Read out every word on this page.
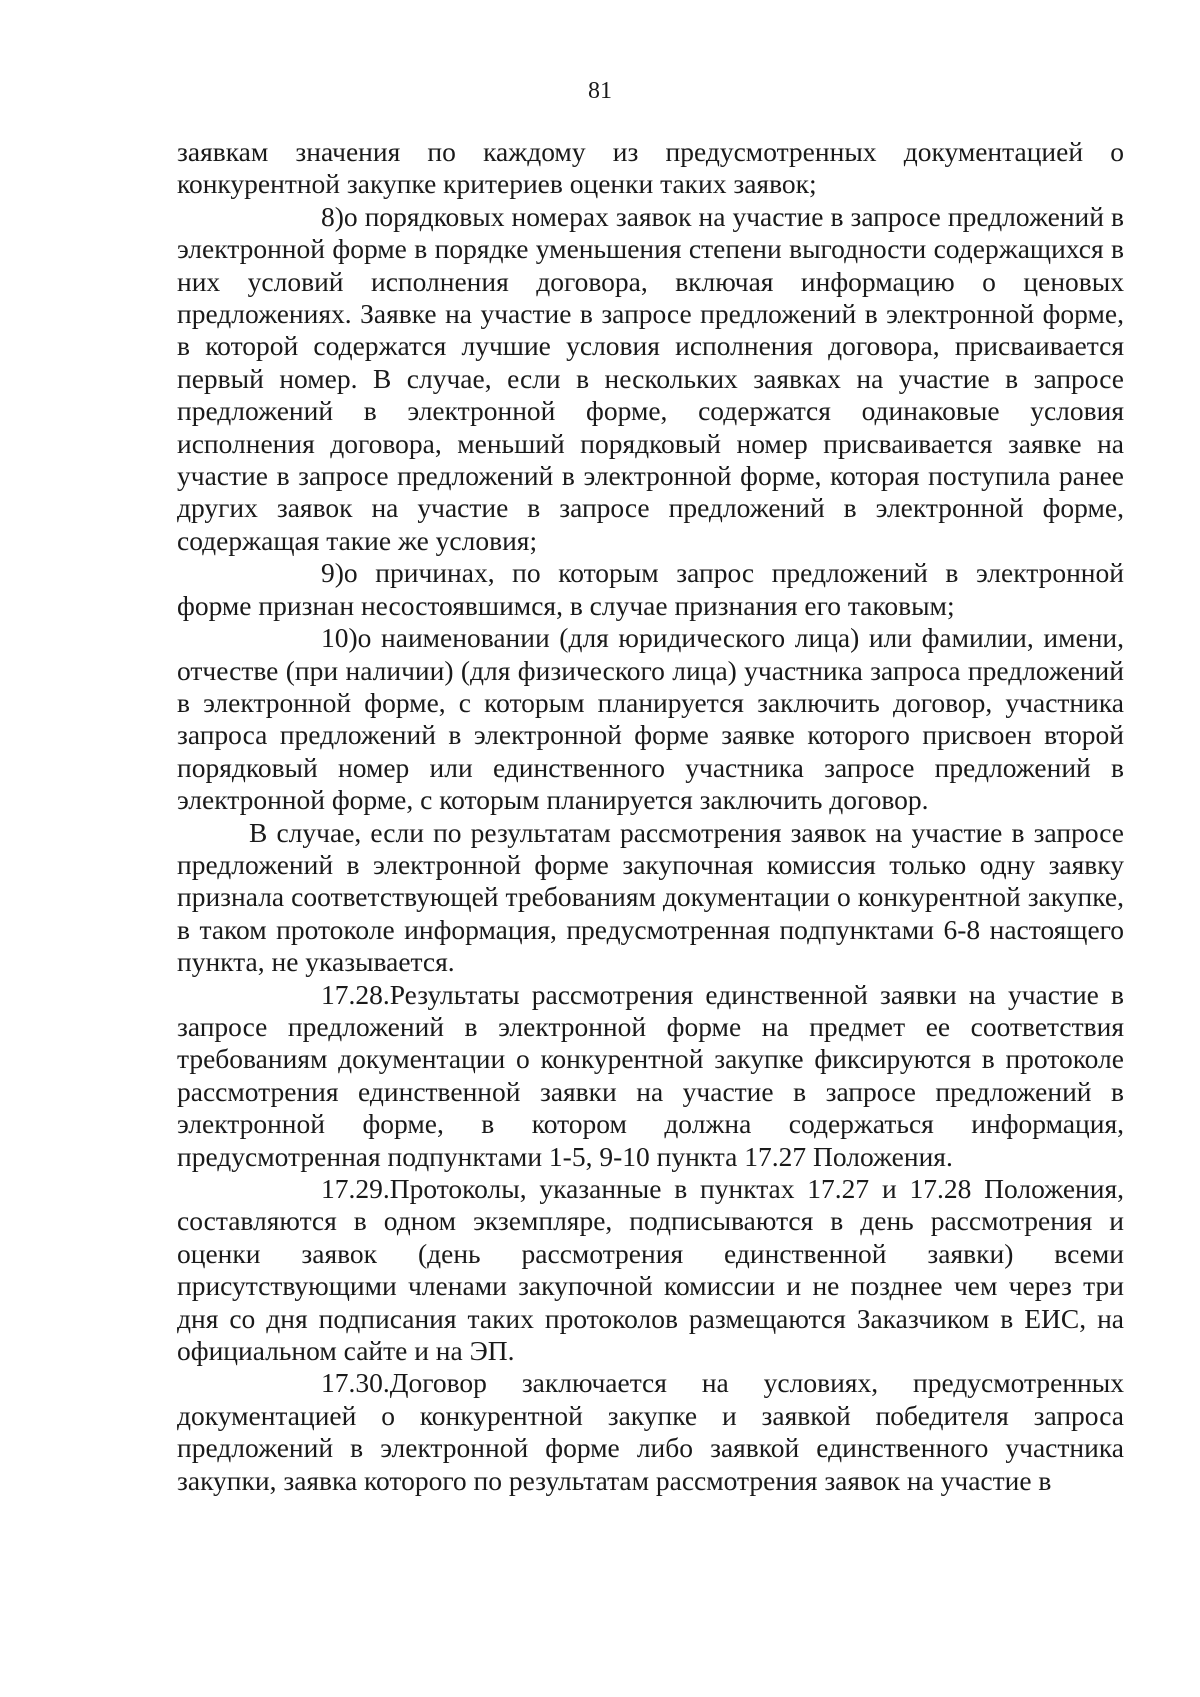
81

заявкам значения по каждому из предусмотренных документацией о конкурентной закупке критериев оценки таких заявок;

8)о порядковых номерах заявок на участие в запросе предложений в электронной форме в порядке уменьшения степени выгодности содержащихся в них условий исполнения договора, включая информацию о ценовых предложениях. Заявке на участие в запросе предложений в электронной форме, в которой содержатся лучшие условия исполнения договора, присваивается первый номер. В случае, если в нескольких заявках на участие в запросе предложений в электронной форме, содержатся одинаковые условия исполнения договора, меньший порядковый номер присваивается заявке на участие в запросе предложений в электронной форме, которая поступила ранее других заявок на участие в запросе предложений в электронной форме, содержащая такие же условия;

9)о причинах, по которым запрос предложений в электронной форме признан несостоявшимся, в случае признания его таковым;

10)о наименовании (для юридического лица) или фамилии, имени, отчестве (при наличии) (для физического лица) участника запроса предложений в электронной форме, с которым планируется заключить договор, участника запроса предложений в электронной форме заявке которого присвоен второй порядковый номер или единственного участника запросе предложений в электронной форме, с которым планируется заключить договор.

В случае, если по результатам рассмотрения заявок на участие в запросе предложений в электронной форме закупочная комиссия только одну заявку признала соответствующей требованиям документации о конкурентной закупке, в таком протоколе информация, предусмотренная подпунктами 6-8 настоящего пункта, не указывается.

17.28.Результаты рассмотрения единственной заявки на участие в запросе предложений в электронной форме на предмет ее соответствия требованиям документации о конкурентной закупке фиксируются в протоколе рассмотрения единственной заявки на участие в запросе предложений в электронной форме, в котором должна содержаться информация, предусмотренная подпунктами 1-5, 9-10 пункта 17.27 Положения.

17.29.Протоколы, указанные в пунктах 17.27 и 17.28 Положения, составляются в одном экземпляре, подписываются в день рассмотрения и оценки заявок (день рассмотрения единственной заявки) всеми присутствующими членами закупочной комиссии и не позднее чем через три дня со дня подписания таких протоколов размещаются Заказчиком в ЕИС, на официальном сайте и на ЭП.

17.30.Договор заключается на условиях, предусмотренных документацией о конкурентной закупке и заявкой победителя запроса предложений в электронной форме либо заявкой единственного участника закупки, заявка которого по результатам рассмотрения заявок на участие в
